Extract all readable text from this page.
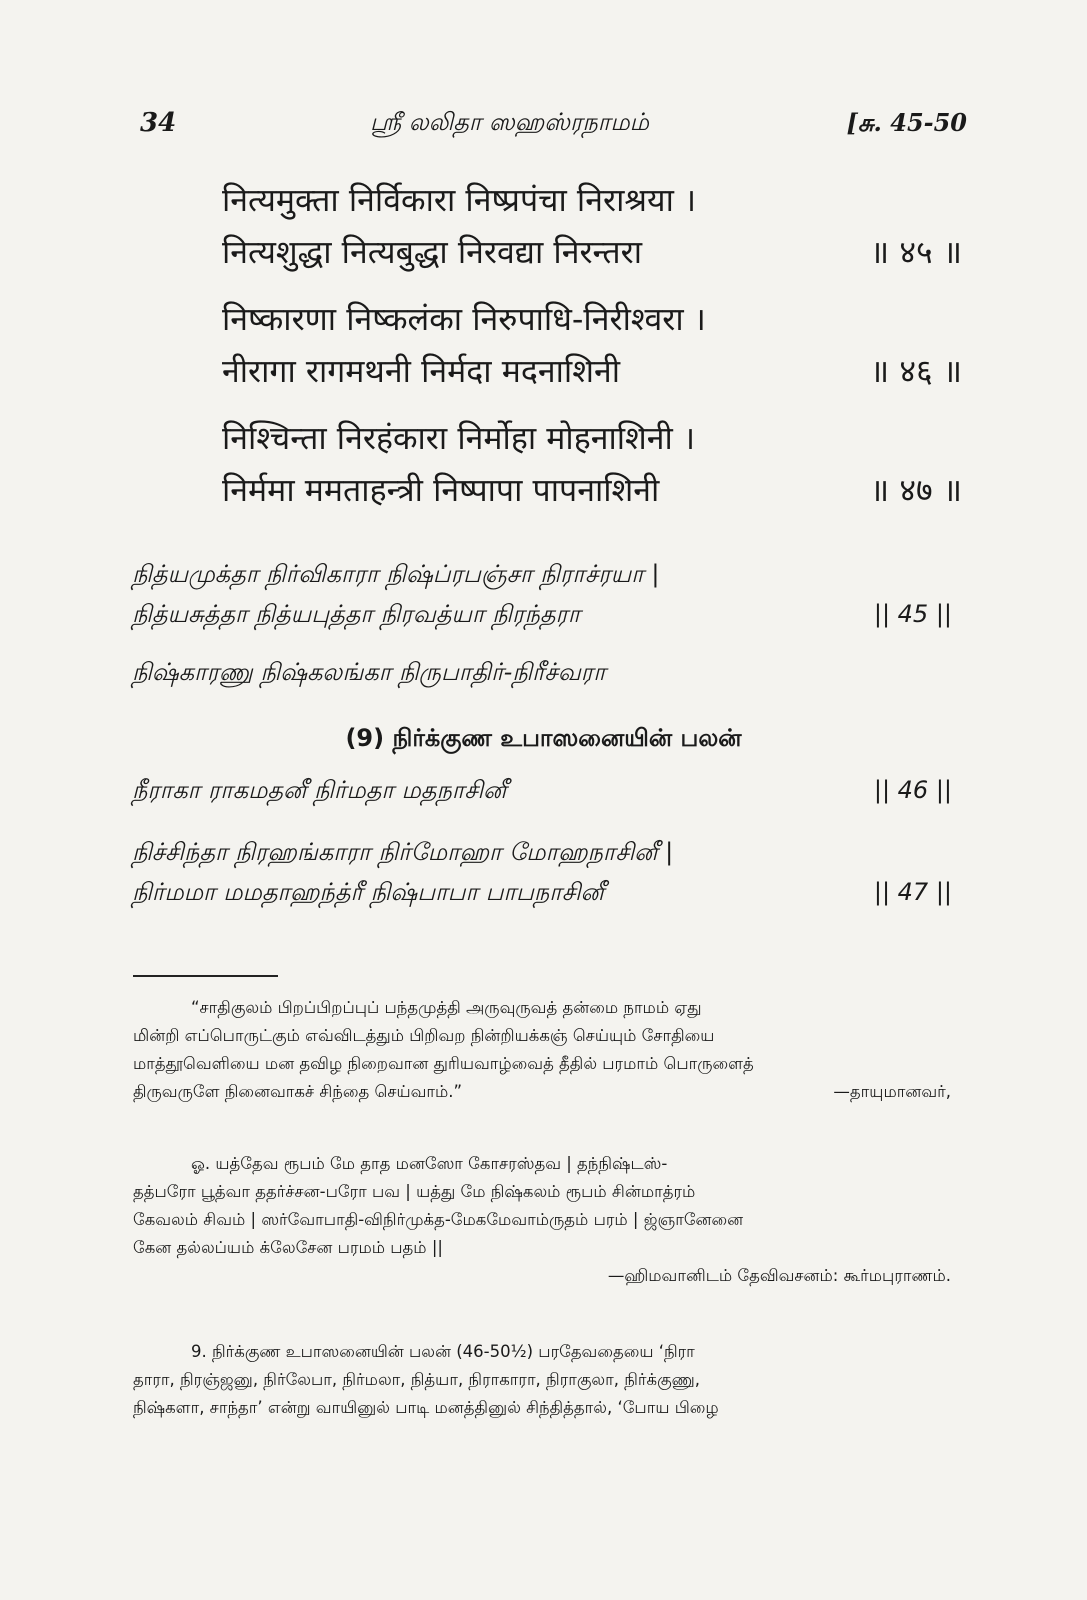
34	ஸ்ரீ லலிதா ஸஹஸ்ரநாமம்	[சு. 45-50
नित्यमुक्ता निर्विकारा निष्प्रपंचा निराश्रया ।
नित्यशुद्धा नित्यबुद्धा निरवद्या निरन्तरा	॥ ४५ ॥
निष्कारणा निष्कलंका निरुपाधि-निरीश्वरा ।
नीरागा रागमथनी निर्मदा मदनाशिनी	॥ ४६ ॥
निश्चिन्ता निरहंकारा निर्मोहा मोहनाशिनी ।
निर्ममा ममताहन्त्री निष्पापा पापनाशिनी	॥ ४७ ॥
நித்யமுக்தா நிர்விகாரா நிஷ்ப்ரபஞ்சா நிராச்ரயா |
நித்யசுத்தா நித்யபுத்தா நிரவத்யா நிரந்தரா	|| 45 ||
நிஷ்காரணு நிஷ்கலங்கா நிருபாதிர்-நிரீச்வரா
(9) நிர்க்குண உபாஸனையின் பலன்
நீராகா ராகமதனீ நிர்மதா மதநாசினீ	|| 46 ||
நிச்சிந்தா நிரஹங்காரா நிர்மோஹா மோஹநாசினீ |
நிர்மமா மமதாஹந்த்ரீ நிஷ்பாபா பாபநாசினீ	|| 47 ||

“சாதிகுலம் பிறப்பிறப்புப் பந்தமுத்தி அருவுருவத் தன்மை நாமம் ஏது

மின்றி எப்பொருட்கும் எவ்விடத்தும் பிறிவற நின்றியக்கஞ் செய்யும் சோதியை

மாத்தூவெளியை மன தவிழ நிறைவான துரியவாழ்வைத் தீதில் பரமாம் பொருளைத்

திருவருளே நினைவாகச் சிந்தை செய்வாம்.”	—தாயுமானவர்,

ஓ. யத்தேவ ரூபம் மே தாத மனஸோ கோசரஸ்தவ | தந்நிஷ்டஸ்-

தத்பரோ பூத்வா ததர்ச்சன-பரோ பவ | யத்து மே நிஷ்கலம் ரூபம் சின்மாத்ரம்

கேவலம் சிவம் | ஸர்வோபாதி-விநிர்முக்த-மேகமேவாம்ருதம் பரம் | ஜ்ஞானேனை

கேன தல்லப்யம் க்லேசேன பரமம் பதம் ||

—ஹிமவானிடம் தேவிவசனம்: கூர்மபுராணம்.

9. நிர்க்குண உபாஸனையின் பலன் (46-50½) பரதேவதையை ‘நிரா

தாரா, நிரஞ்ஜனு, நிர்லேபா, நிர்மலா, நித்யா, நிராகாரா, நிராகுலா, நிர்க்குணு,

நிஷ்களா, சாந்தா’ என்று வாயினுல் பாடி மனத்தினுல் சிந்தித்தால், ‘போய பிழை
